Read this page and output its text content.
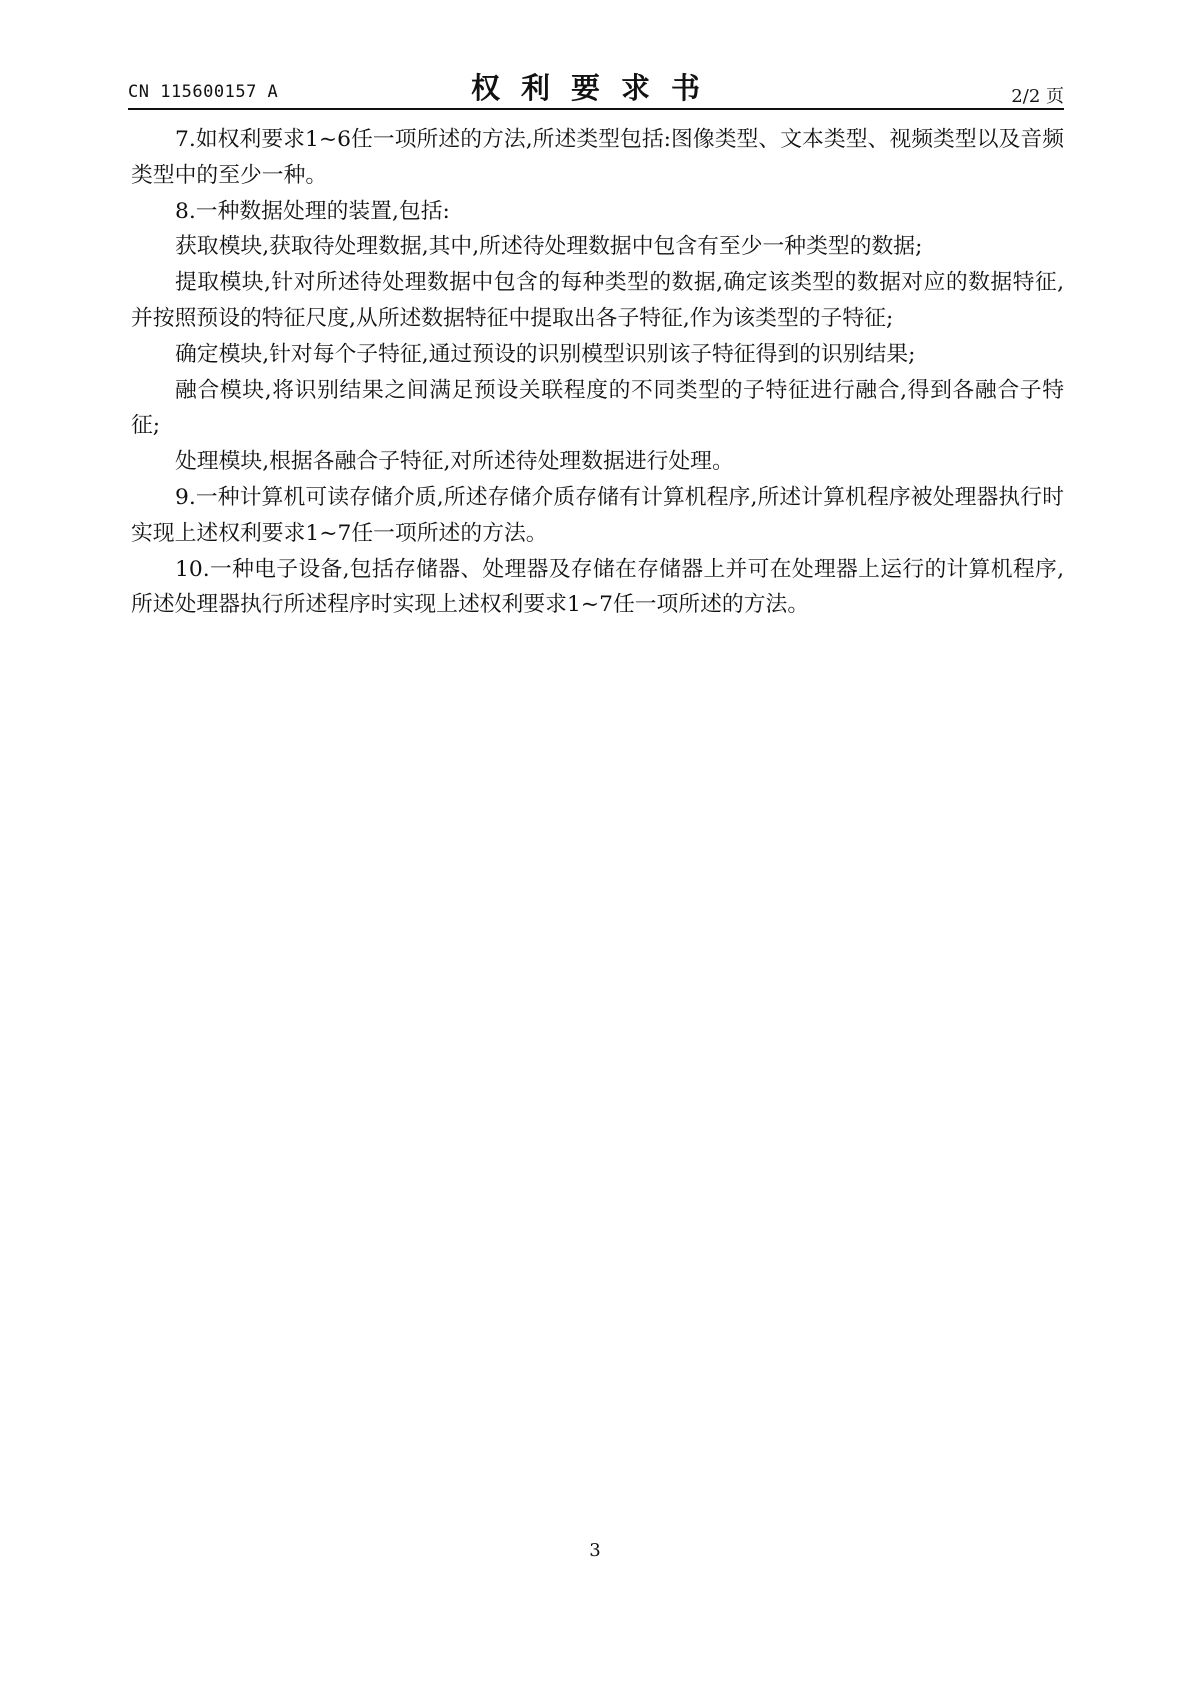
CN 115600157 A	权利要求书	2/2 页

7.如权利要求1~6任一项所述的方法,所述类型包括:图像类型、文本类型、视频类型以及音频类型中的至少一种。

8.一种数据处理的装置,包括:

获取模块,获取待处理数据,其中,所述待处理数据中包含有至少一种类型的数据;

提取模块,针对所述待处理数据中包含的每种类型的数据,确定该类型的数据对应的数据特征,并按照预设的特征尺度,从所述数据特征中提取出各子特征,作为该类型的子特征;

确定模块,针对每个子特征,通过预设的识别模型识别该子特征得到的识别结果;

融合模块,将识别结果之间满足预设关联程度的不同类型的子特征进行融合,得到各融合子特征;

处理模块,根据各融合子特征,对所述待处理数据进行处理。

9.一种计算机可读存储介质,所述存储介质存储有计算机程序,所述计算机程序被处理器执行时实现上述权利要求1~7任一项所述的方法。

10.一种电子设备,包括存储器、处理器及存储在存储器上并可在处理器上运行的计算机程序,所述处理器执行所述程序时实现上述权利要求1~7任一项所述的方法。

3
